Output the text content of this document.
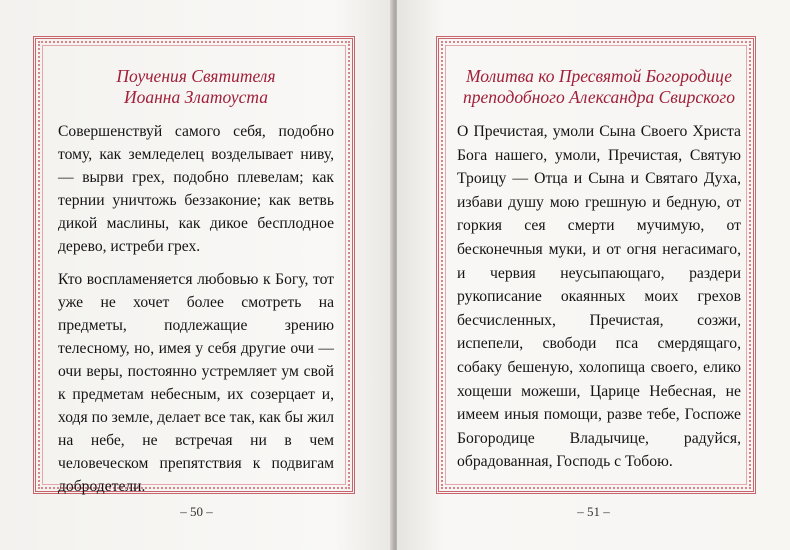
Поучения Святителя
Иоанна Златоуста

Совершенствуй самого себя, подобно тому, как земледелец возделывает ниву, — вырви грех, подобно плевелам; как тернии уничтожь беззаконие; как ветвь дикой маслины, как дикое бесплодное дерево, истреби грех.

Кто воспламеняется любовью к Богу, тот уже не хочет более смотреть на предметы, подлежащие зрению телесному, но, имея у себя другие очи — очи веры, постоянно устремляет ум свой к предметам небесным, их созерцает и, ходя по земле, делает все так, как бы жил на небе, не встречая ни в чем человеческом препятствия к подвигам добродетели.

– 50 –
Молитва ко Пресвятой Богородице
преподобного Александра Свирского

О Пречистая, умоли Сына Своего Христа Бога нашего, умоли, Пречистая, Святую Троицу — Отца и Сына и Святаго Духа, избави душу мою грешную и бедную, от горкия сея смерти мучимую, от бесконечныя муки, и от огня негасимаго, и червия неусыпающаго, раздери рукописание окаянных моих грехов бесчисленных, Пречистая, созжи, испепели, свободи пса смердящаго, собаку бешеную, холопища своего, елико хощеши можеши, Царице Небесная, не имеем иныя помощи, разве тебе, Госпоже Богородице Владычице, радуйся, обрадованная, Господь с Тобою.

– 51 –
